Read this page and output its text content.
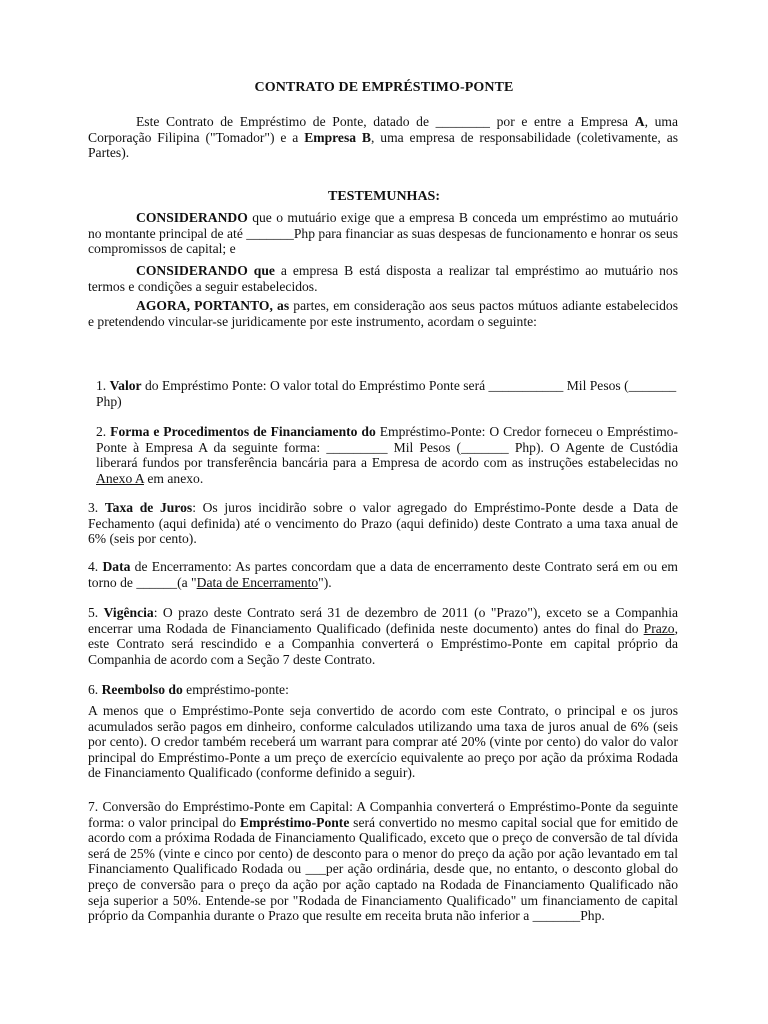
CONTRATO DE EMPRÉSTIMO-PONTE

Este Contrato de Empréstimo de Ponte, datado de ________ por e entre a Empresa A, uma Corporação Filipina ("Tomador") e a Empresa B, uma empresa de responsabilidade (coletivamente, as Partes).

TESTEMUNHAS:

CONSIDERANDO que o mutuário exige que a empresa B conceda um empréstimo ao mutuário no montante principal de até _______Php para financiar as suas despesas de funcionamento e honrar os seus compromissos de capital; e

CONSIDERANDO que a empresa B está disposta a realizar tal empréstimo ao mutuário nos termos e condições a seguir estabelecidos.

AGORA, PORTANTO, as partes, em consideração aos seus pactos mútuos adiante estabelecidos e pretendendo vincular-se juridicamente por este instrumento, acordam o seguinte:

1. Valor do Empréstimo Ponte: O valor total do Empréstimo Ponte será ___________ Mil Pesos (_______ Php)

2. Forma e Procedimentos de Financiamento do Empréstimo-Ponte: O Credor forneceu o Empréstimo-Ponte à Empresa A da seguinte forma: _________ Mil Pesos (_______ Php). O Agente de Custódia liberará fundos por transferência bancária para a Empresa de acordo com as instruções estabelecidas no Anexo A em anexo.

3. Taxa de Juros: Os juros incidirão sobre o valor agregado do Empréstimo-Ponte desde a Data de Fechamento (aqui definida) até o vencimento do Prazo (aqui definido) deste Contrato a uma taxa anual de 6% (seis por cento).

4. Data de Encerramento: As partes concordam que a data de encerramento deste Contrato será em ou em torno de ______(a "Data de Encerramento").

5. Vigência: O prazo deste Contrato será 31 de dezembro de 2011 (o "Prazo"), exceto se a Companhia encerrar uma Rodada de Financiamento Qualificado (definida neste documento) antes do final do Prazo, este Contrato será rescindido e a Companhia converterá o Empréstimo-Ponte em capital próprio da Companhia de acordo com a Seção 7 deste Contrato.

6. Reembolso do empréstimo-ponte:

A menos que o Empréstimo-Ponte seja convertido de acordo com este Contrato, o principal e os juros acumulados serão pagos em dinheiro, conforme calculados utilizando uma taxa de juros anual de 6% (seis por cento). O credor também receberá um warrant para comprar até 20% (vinte por cento) do valor do valor principal do Empréstimo-Ponte a um preço de exercício equivalente ao preço por ação da próxima Rodada de Financiamento Qualificado (conforme definido a seguir).

7. Conversão do Empréstimo-Ponte em Capital: A Companhia converterá o Empréstimo-Ponte da seguinte forma: o valor principal do Empréstimo-Ponte será convertido no mesmo capital social que for emitido de acordo com a próxima Rodada de Financiamento Qualificado, exceto que o preço de conversão de tal dívida será de 25% (vinte e cinco por cento) de desconto para o menor do preço da ação por ação levantado em tal Financiamento Qualificado Rodada ou ___per ação ordinária, desde que, no entanto, o desconto global do preço de conversão para o preço da ação por ação captado na Rodada de Financiamento Qualificado não seja superior a 50%. Entende-se por "Rodada de Financiamento Qualificado" um financiamento de capital próprio da Companhia durante o Prazo que resulte em receita bruta não inferior a _______Php.
